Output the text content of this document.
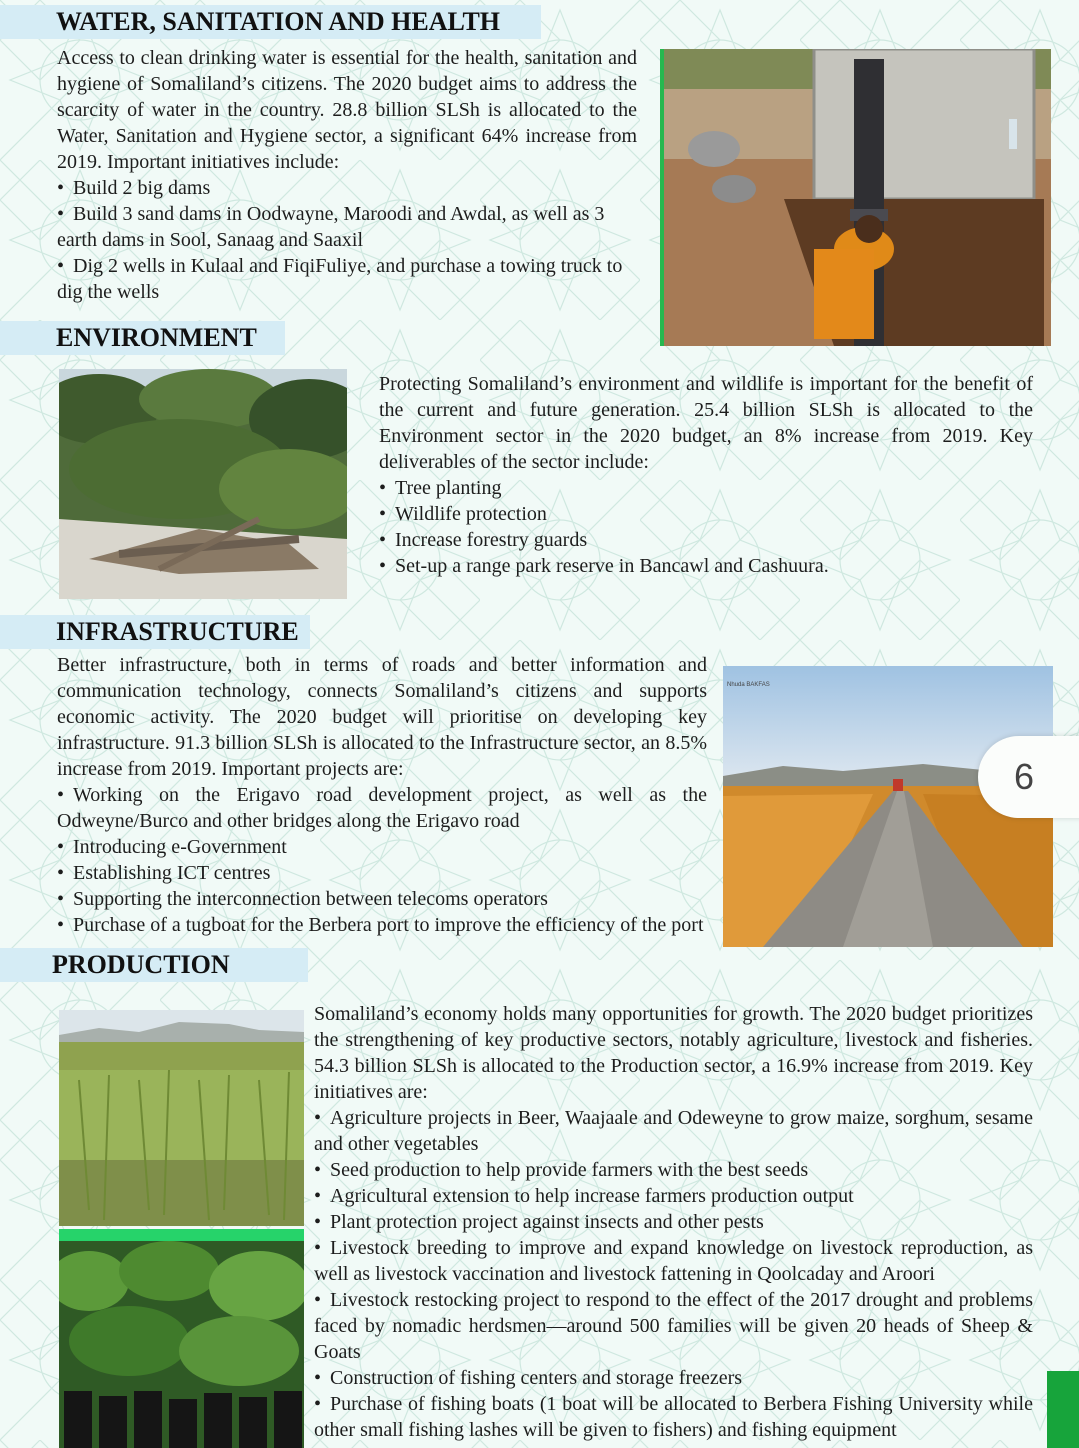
WATER, SANITATION AND HEALTH

Access to clean drinking water is essential for the health, sanitation and hygiene of Somaliland’s citizens. The 2020 budget aims to address the scarcity of water in the country. 28.8 billion SLSh is allocated to the Water, Sanitation and Hygiene sector, a significant 64% increase from 2019. Important initiatives include:

• Build 2 big dams
• Build 3 sand dams in Oodwayne, Maroodi and Awdal, as well as 3 earth dams in Sool, Sanaag and Saaxil
• Dig 2 wells in Kulaal and FiqiFuliye, and purchase a towing truck to dig the wells
ENVIRONMENT

Protecting Somaliland’s environment and wildlife is important for the benefit of the current and future generation. 25.4 billion SLSh is allocated to the Environment sector in the 2020 budget, an 8% increase from 2019. Key deliverables of the sector include:

• Tree planting
• Wildlife protection
• Increase forestry guards
• Set-up a range park reserve in Bancawl and Cashuura.
INFRASTRUCTURE

Better infrastructure, both in terms of roads and better information and communication technology, connects Somaliland’s citizens and supports economic activity. The 2020 budget will prioritise on developing key infrastructure. 91.3 billion SLSh is allocated to the Infrastructure sector, an 8.5% increase from 2019. Important projects are:

• Working on the Erigavo road development project, as well as the Odweyne/Burco and other bridges along the Erigavo road
• Introducing e-Government
• Establishing ICT centres
• Supporting the interconnection between telecoms operators
• Purchase of a tugboat for the Berbera port to improve the efficiency of the port
Nhuda BAKFAS
6
PRODUCTION

Somaliland’s economy holds many opportunities for growth. The 2020 budget prioritizes the strengthening of key productive sectors, notably agriculture, livestock and fisheries. 54.3 billion SLSh is allocated to the Production sector, a 16.9% increase from 2019. Key initiatives are:

• Agriculture projects in Beer, Waajaale and Odeweyne to grow maize, sorghum, sesame and other vegetables
• Seed production to help provide farmers with the best seeds
• Agricultural extension to help increase farmers production output
• Plant protection project against insects and other pests
• Livestock breeding to improve and expand knowledge on livestock reproduction, as well as livestock vaccination and livestock fattening in Qoolcaday and Aroori
• Livestock restocking project to respond to the effect of the 2017 drought and problems faced by nomadic herdsmen—around 500 families will be given 20 heads of Sheep & Goats
• Construction of fishing centers and storage freezers
• Purchase of fishing boats (1 boat will be allocated to Berbera Fishing University while other small fishing lashes will be given to fishers) and fishing equipment
